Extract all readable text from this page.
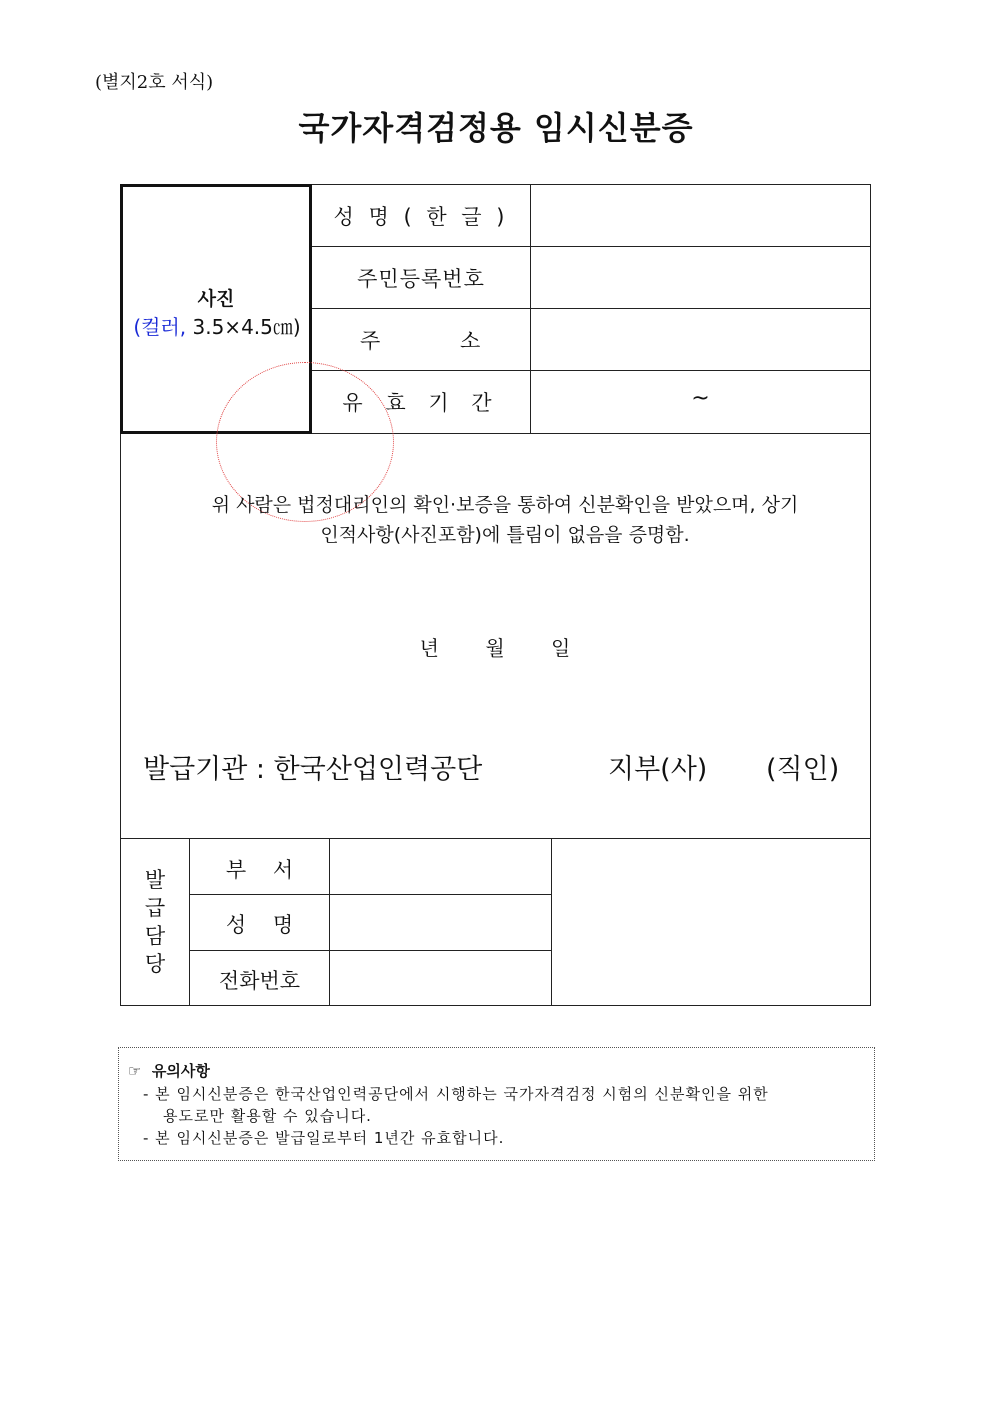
(별지2호 서식)
국가자격검정용 임시신분증
사진
(컬러, 3.5×4.5㎝)
성 명 ( 한 글 )
주민등록번호
주	소
유 효 기 간	~
위 사람은 법정대리인의 확인·보증을 통하여 신분확인을 받았으며, 상기
인적사항(사진포함)에 틀림이 없음을 증명함.
년 월 일
발급기관 : 한국산업인력공단	지부(사) (직인)
발
급
담
당
부    서
성    명
전화번호
☞ 유의사항
- 본 임시신분증은 한국산업인력공단에서 시행하는 국가자격검정 시험의 신분확인을 위한
용도로만 활용할 수 있습니다.
- 본 임시신분증은 발급일로부터 1년간 유효합니다.
